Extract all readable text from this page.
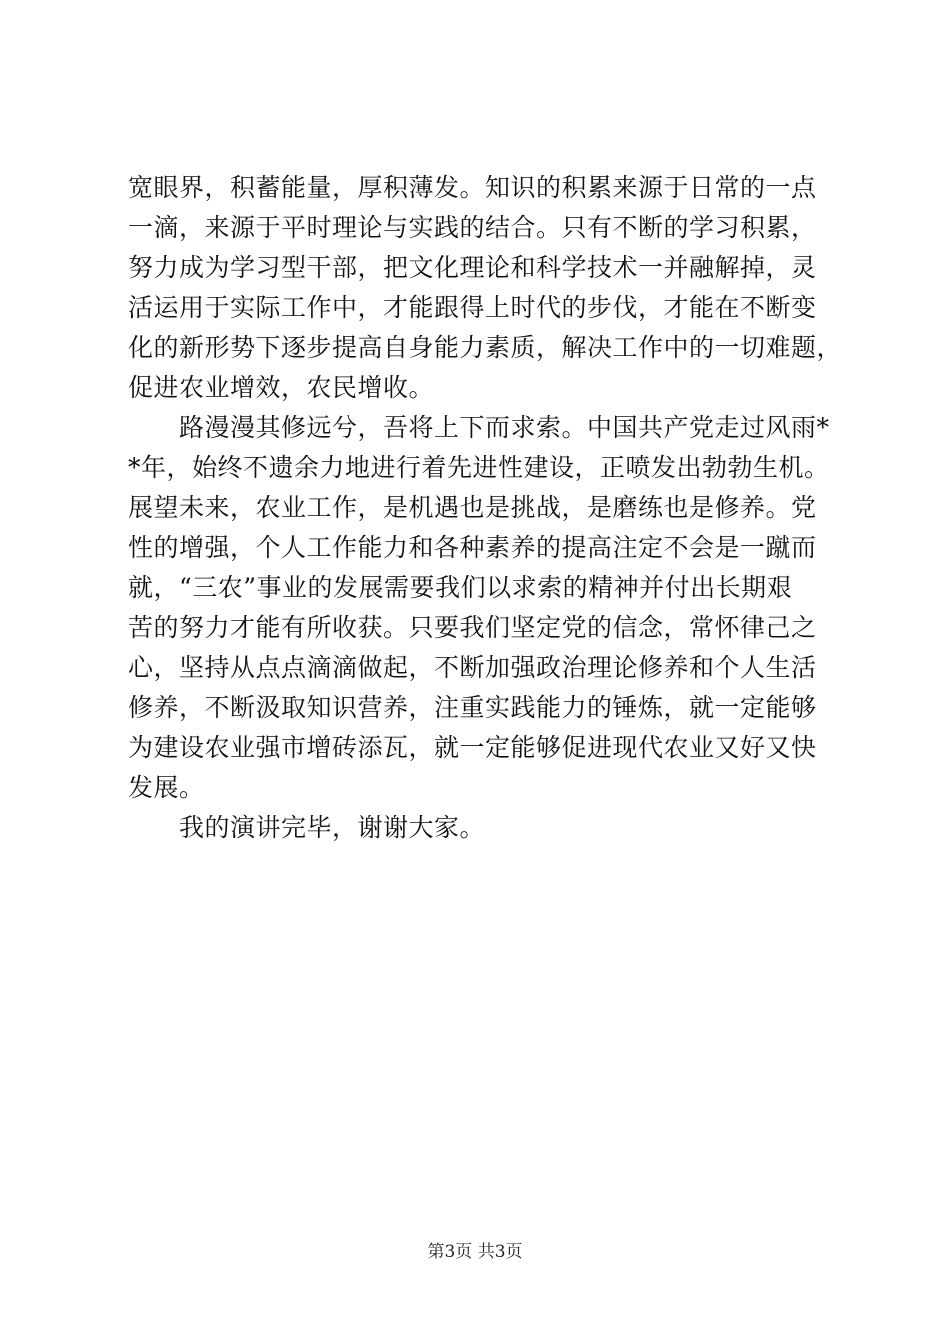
宽眼界，积蓄能量，厚积薄发。知识的积累来源于日常的一点
一滴，来源于平时理论与实践的结合。只有不断的学习积累，
努力成为学习型干部，把文化理论和科学技术一并融解掉，灵
活运用于实际工作中，才能跟得上时代的步伐，才能在不断变
化的新形势下逐步提高自身能力素质，解决工作中的一切难题，
促进农业增效，农民增收。
　　路漫漫其修远兮，吾将上下而求索。中国共产党走过风雨*
*年，始终不遗余力地进行着先进性建设，正喷发出勃勃生机。
展望未来，农业工作，是机遇也是挑战，是磨练也是修养。党
性的增强，个人工作能力和各种素养的提高注定不会是一蹴而
就，“三农”事业的发展需要我们以求索的精神并付出长期艰
苦的努力才能有所收获。只要我们坚定党的信念，常怀律己之
心，坚持从点点滴滴做起，不断加强政治理论修养和个人生活
修养，不断汲取知识营养，注重实践能力的锤炼，就一定能够
为建设农业强市增砖添瓦，就一定能够促进现代农业又好又快
发展。
　　我的演讲完毕，谢谢大家。
第3页 共3页
